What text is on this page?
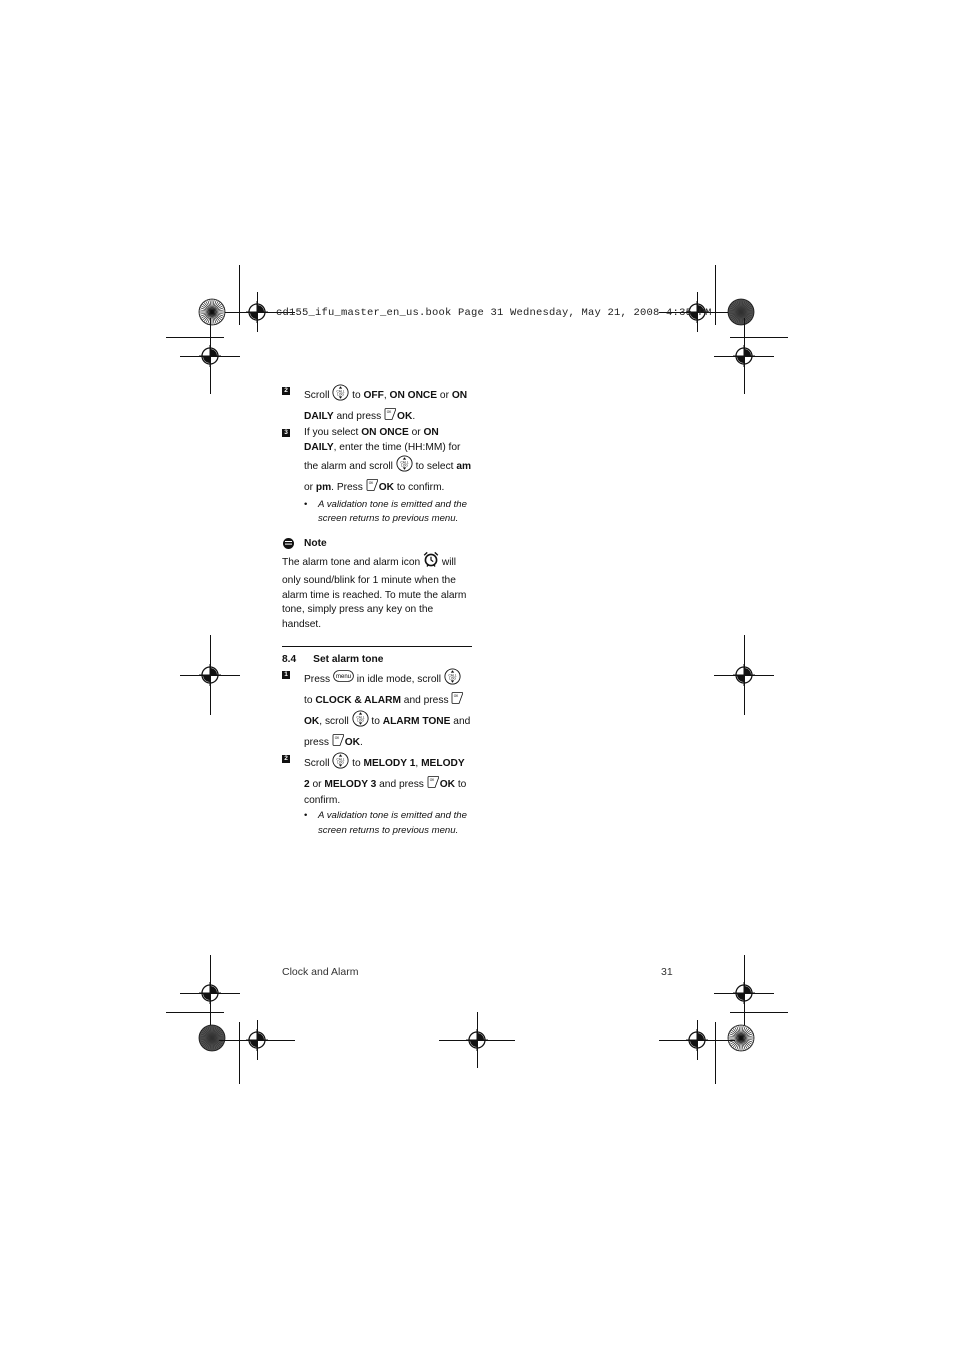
cd155_ifu_master_en_us.book Page 31 Wednesday, May 21, 2008 4:35 PM
2 Scroll CALL
LOG to OFF, ON ONCE or ON DAILY and press OK OK.
3 If you select ON ONCE or ON DAILY, enter the time (HH:MM) for the alarm and scroll CALL
LOG to select am or pm. Press OK OK to confirm.
• A validation tone is emitted and the screen returns to previous menu.
Note
The alarm tone and alarm icon  will only sound/blink for 1 minute when the alarm time is reached. To mute the alarm tone, simply press any key on the handset.
8.4 Set alarm tone
1 Press menu in idle mode, scroll CALL
LOG
to CLOCK & ALARM and press OK
OK, scroll CALL
LOG to ALARM TONE and press OK OK.
2 Scroll CALL
LOG to MELODY 1, MELODY 2 or MELODY 3 and press OK OK to confirm.
• A validation tone is emitted and the screen returns to previous menu.
Clock and Alarm	31
